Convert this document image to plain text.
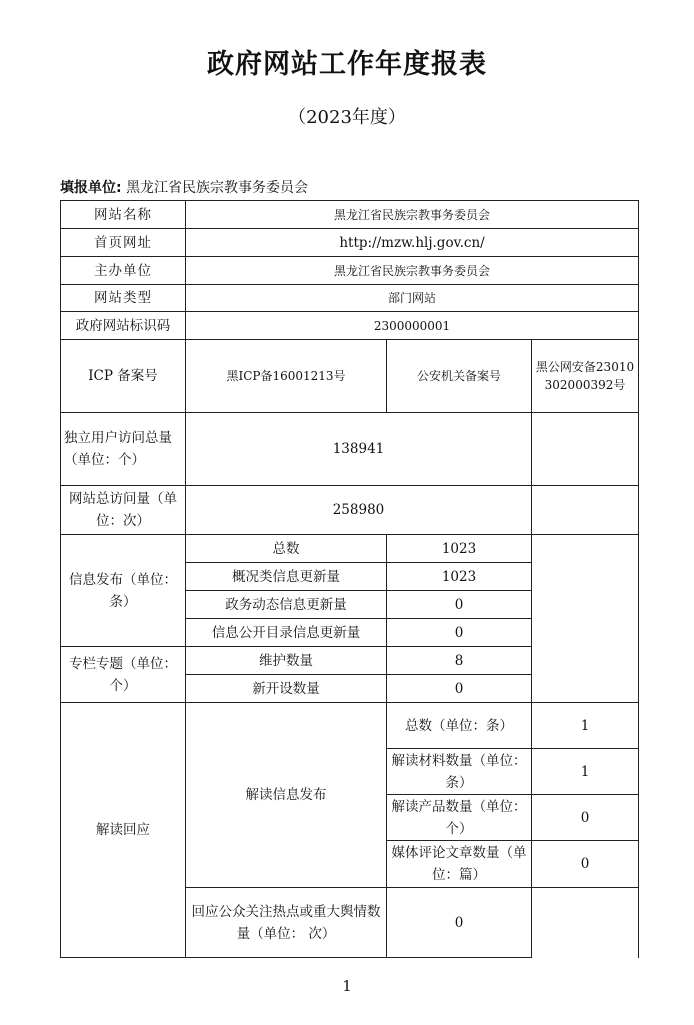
政府网站工作年度报表
（2023年度）
填报单位: 黑龙江省民族宗教事务委员会
网站名称	黑龙江省民族宗教事务委员会		
首页网址	http://mzw.hlj.gov.cn/		
主办单位	黑龙江省民族宗教事务委员会		
网站类型	部门网站		
政府网站标识码	2300000001		
ICP 备案号	黑ICP备16001213号	公安机关备案号	黑公网安备23010302000392号
独立用户访问总量（单位：个）	138941		
网站总访问量（单位：次）	258980		
信息发布（单位：条）	总数	1023	
	概况类信息更新量	1023	
	政务动态信息更新量	0	
	信息公开目录信息更新量	0	
专栏专题（单位：个）	维护数量	8	
	新开设数量	0	
解读回应	解读信息发布	总数（单位：条）	1
		解读材料数量（单位：条）	1
		解读产品数量（单位：个）	0
		媒体评论文章数量（单位：篇）	0
	回应公众关注热点或重大舆情数量（单位： 次）	0	
1
